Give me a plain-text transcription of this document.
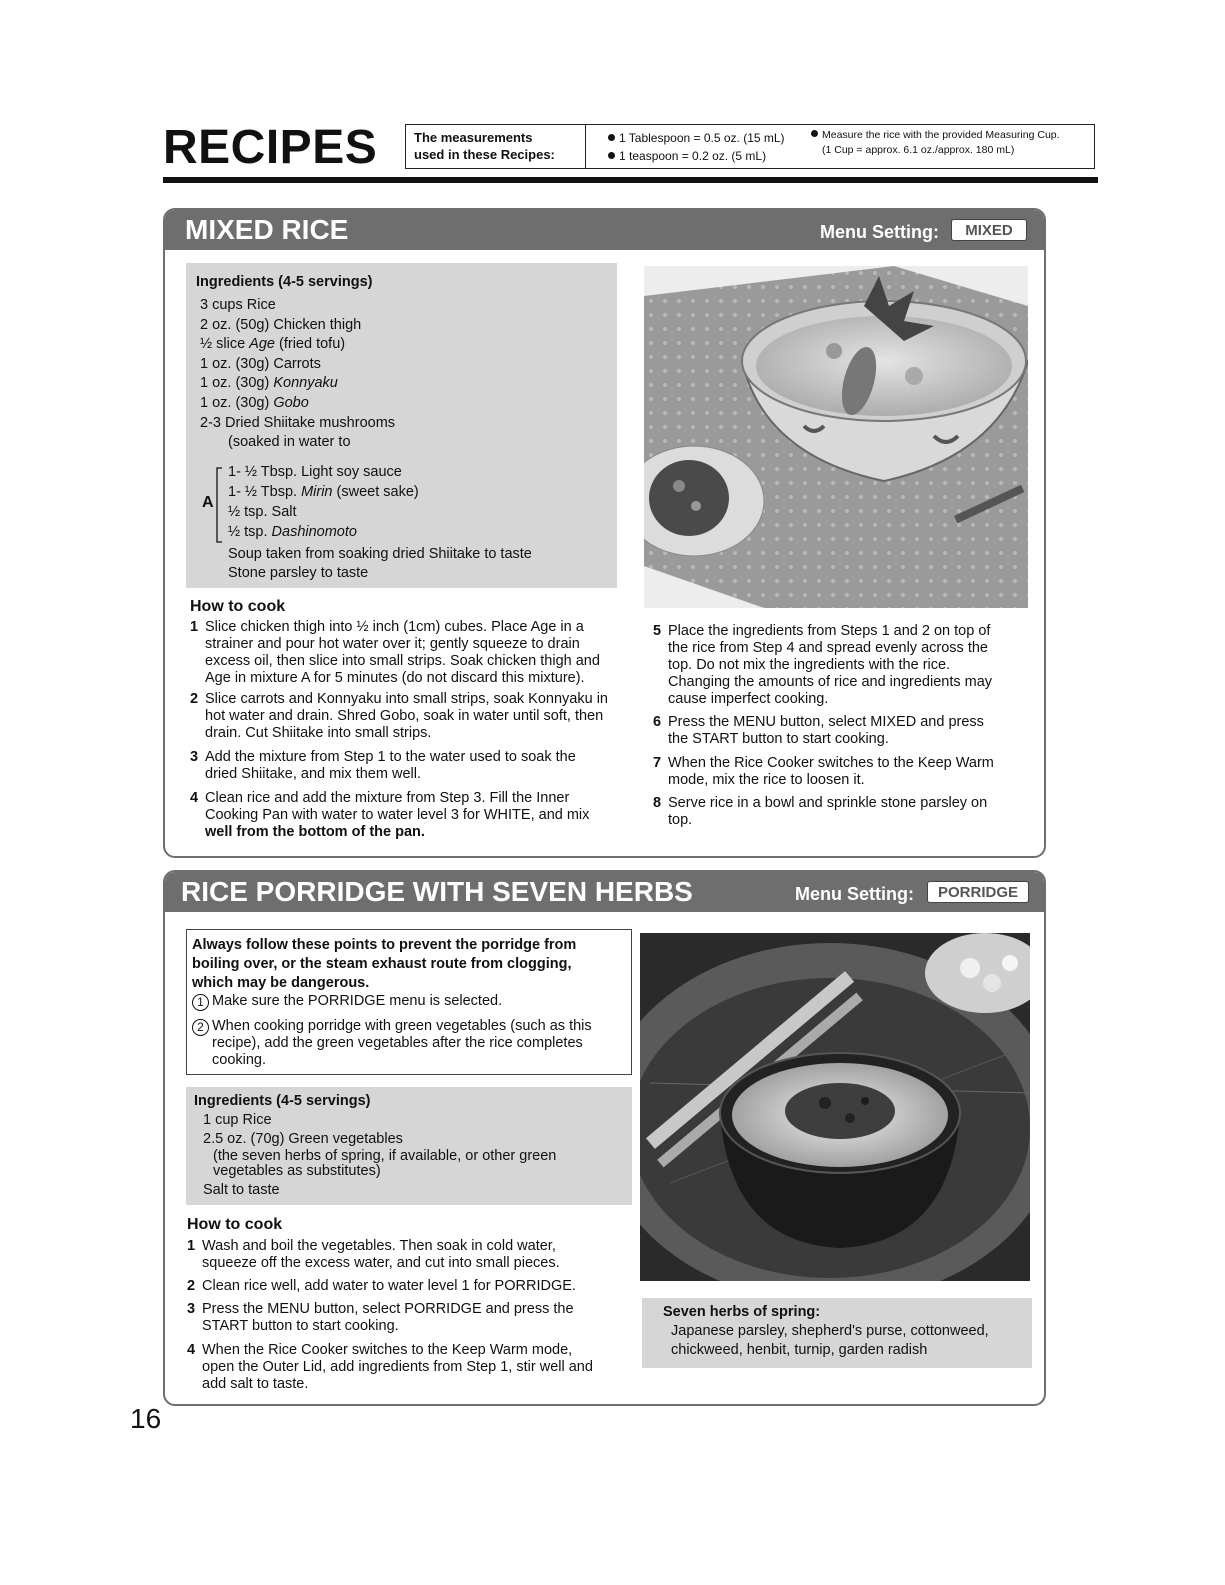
RECIPES	The measurements
used in these Recipes:
1 Tablespoon = 0.5 oz. (15 mL)
1 teaspoon = 0.2 oz. (5 mL)
Measure the rice with the provided Measuring Cup.
(1 Cup = approx. 6.1 oz./approx. 180 mL)
MIXED RICE	Menu Setting:	MIXED
Ingredients (4-5 servings)
3 cups Rice
2 oz. (50g) Chicken thigh
½ slice Age (fried tofu)
1 oz. (30g) Carrots
1 oz. (30g) Konnyaku
1 oz. (30g) Gobo
2-3 Dried Shiitake mushrooms
(soaked in water to
A
1- ½ Tbsp. Light soy sauce
1- ½ Tbsp. Mirin (sweet sake)
½ tsp. Salt
½ tsp. Dashinomoto
Soup taken from soaking dried Shiitake to taste
Stone parsley to taste
How to cook
1 Slice chicken thigh into ½ inch (1cm) cubes. Place Age in a
strainer and pour hot water over it; gently squeeze to drain
excess oil, then slice into small strips. Soak chicken thigh and
Age in mixture A for 5 minutes (do not discard this mixture).
2 Slice carrots and Konnyaku into small strips, soak Konnyaku in
hot water and drain. Shred Gobo, soak in water until soft, then
drain. Cut Shiitake into small strips.
3 Add the mixture from Step 1 to the water used to soak the
dried Shiitake, and mix them well.
4 Clean rice and add the mixture from Step 3. Fill the Inner
Cooking Pan with water to water level 3 for WHITE, and mix
well from the bottom of the pan.
5 Place the ingredients from Steps 1 and 2 on top of
the rice from Step 4 and spread evenly across the
top. Do not mix the ingredients with the rice.
Changing the amounts of rice and ingredients may
cause imperfect cooking.
6 Press the MENU button, select MIXED and press
the START button to start cooking.
7 When the Rice Cooker switches to the Keep Warm
mode, mix the rice to loosen it.
8 Serve rice in a bowl and sprinkle stone parsley on
top.
RICE PORRIDGE WITH SEVEN HERBS	Menu Setting:	PORRIDGE
Always follow these points to prevent the porridge from
boiling over, or the steam exhaust route from clogging,
which may be dangerous.
1 Make sure the PORRIDGE menu is selected.
2 When cooking porridge with green vegetables (such as this
recipe), add the green vegetables after the rice completes
cooking.
Ingredients (4-5 servings)
1 cup Rice
2.5 oz. (70g) Green vegetables
(the seven herbs of spring, if available, or other green
vegetables as substitutes)
Salt to taste
How to cook
1 Wash and boil the vegetables. Then soak in cold water,
squeeze off the excess water, and cut into small pieces.
2 Clean rice well, add water to water level 1 for PORRIDGE.
3 Press the MENU button, select PORRIDGE and press the
START button to start cooking.
4 When the Rice Cooker switches to the Keep Warm mode,
open the Outer Lid, add ingredients from Step 1, stir well and
add salt to taste.
Seven herbs of spring:
Japanese parsley, shepherd's purse, cottonweed,
chickweed, henbit, turnip, garden radish
16
